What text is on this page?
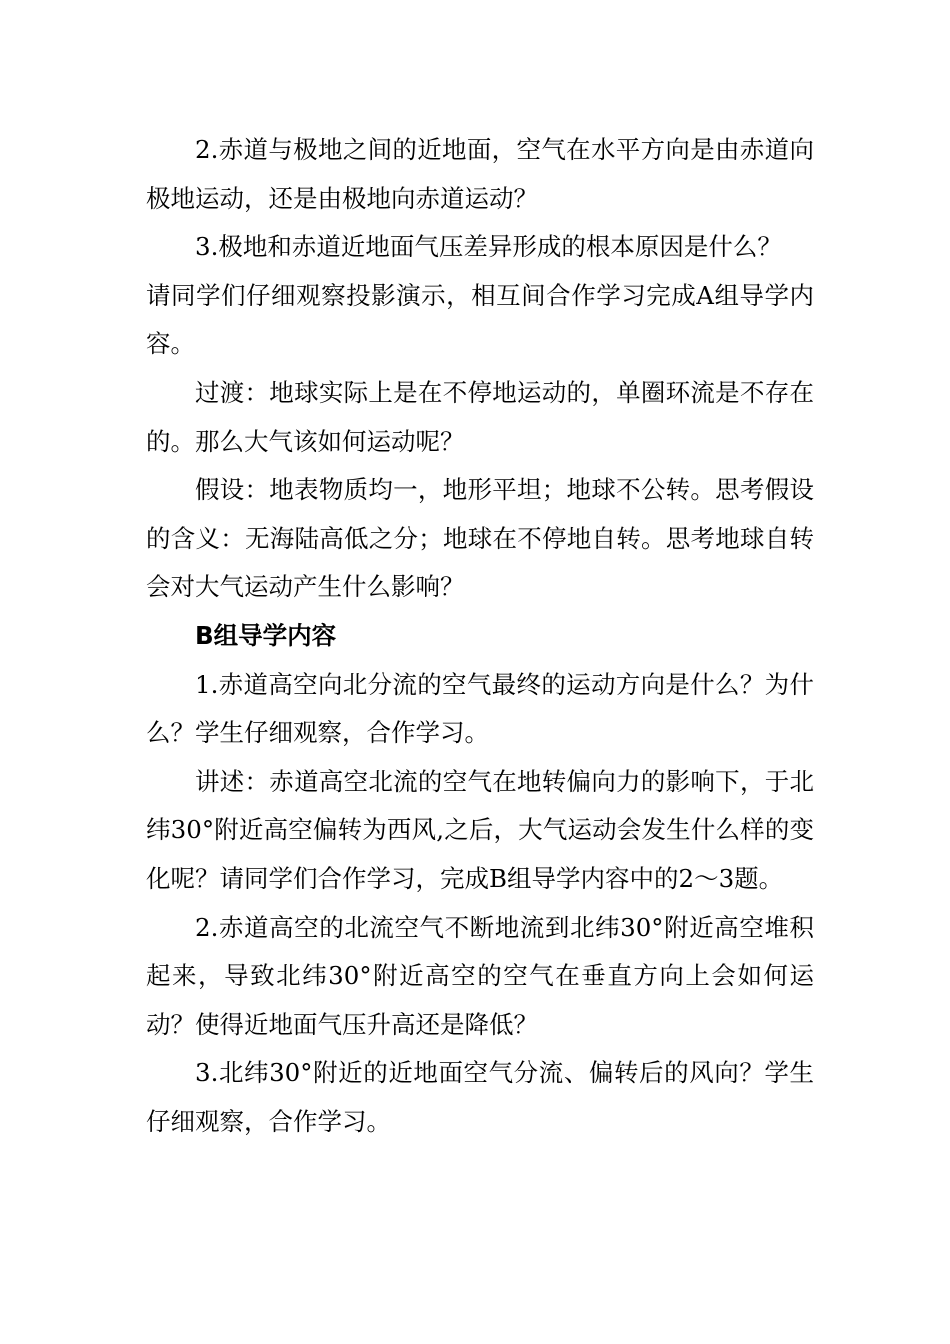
2.赤道与极地之间的近地面，空气在水平方向是由赤道向极地运动，还是由极地向赤道运动？

3.极地和赤道近地面气压差异形成的根本原因是什么？

请同学们仔细观察投影演示，相互间合作学习完成A组导学内容。

过渡：地球实际上是在不停地运动的，单圈环流是不存在的。那么大气该如何运动呢？

假设：地表物质均一，地形平坦；地球不公转。思考假设的含义：无海陆高低之分；地球在不停地自转。思考地球自转会对大气运动产生什么影响？

B组导学内容

1.赤道高空向北分流的空气最终的运动方向是什么？为什么？学生仔细观察，合作学习。

讲述：赤道高空北流的空气在地转偏向力的影响下，于北纬30°附近高空偏转为西风,之后，大气运动会发生什么样的变化呢？请同学们合作学习，完成B组导学内容中的2～3题。

2.赤道高空的北流空气不断地流到北纬30°附近高空堆积起来，导致北纬30°附近高空的空气在垂直方向上会如何运动？使得近地面气压升高还是降低？

3.北纬30°附近的近地面空气分流、偏转后的风向？学生仔细观察，合作学习。
